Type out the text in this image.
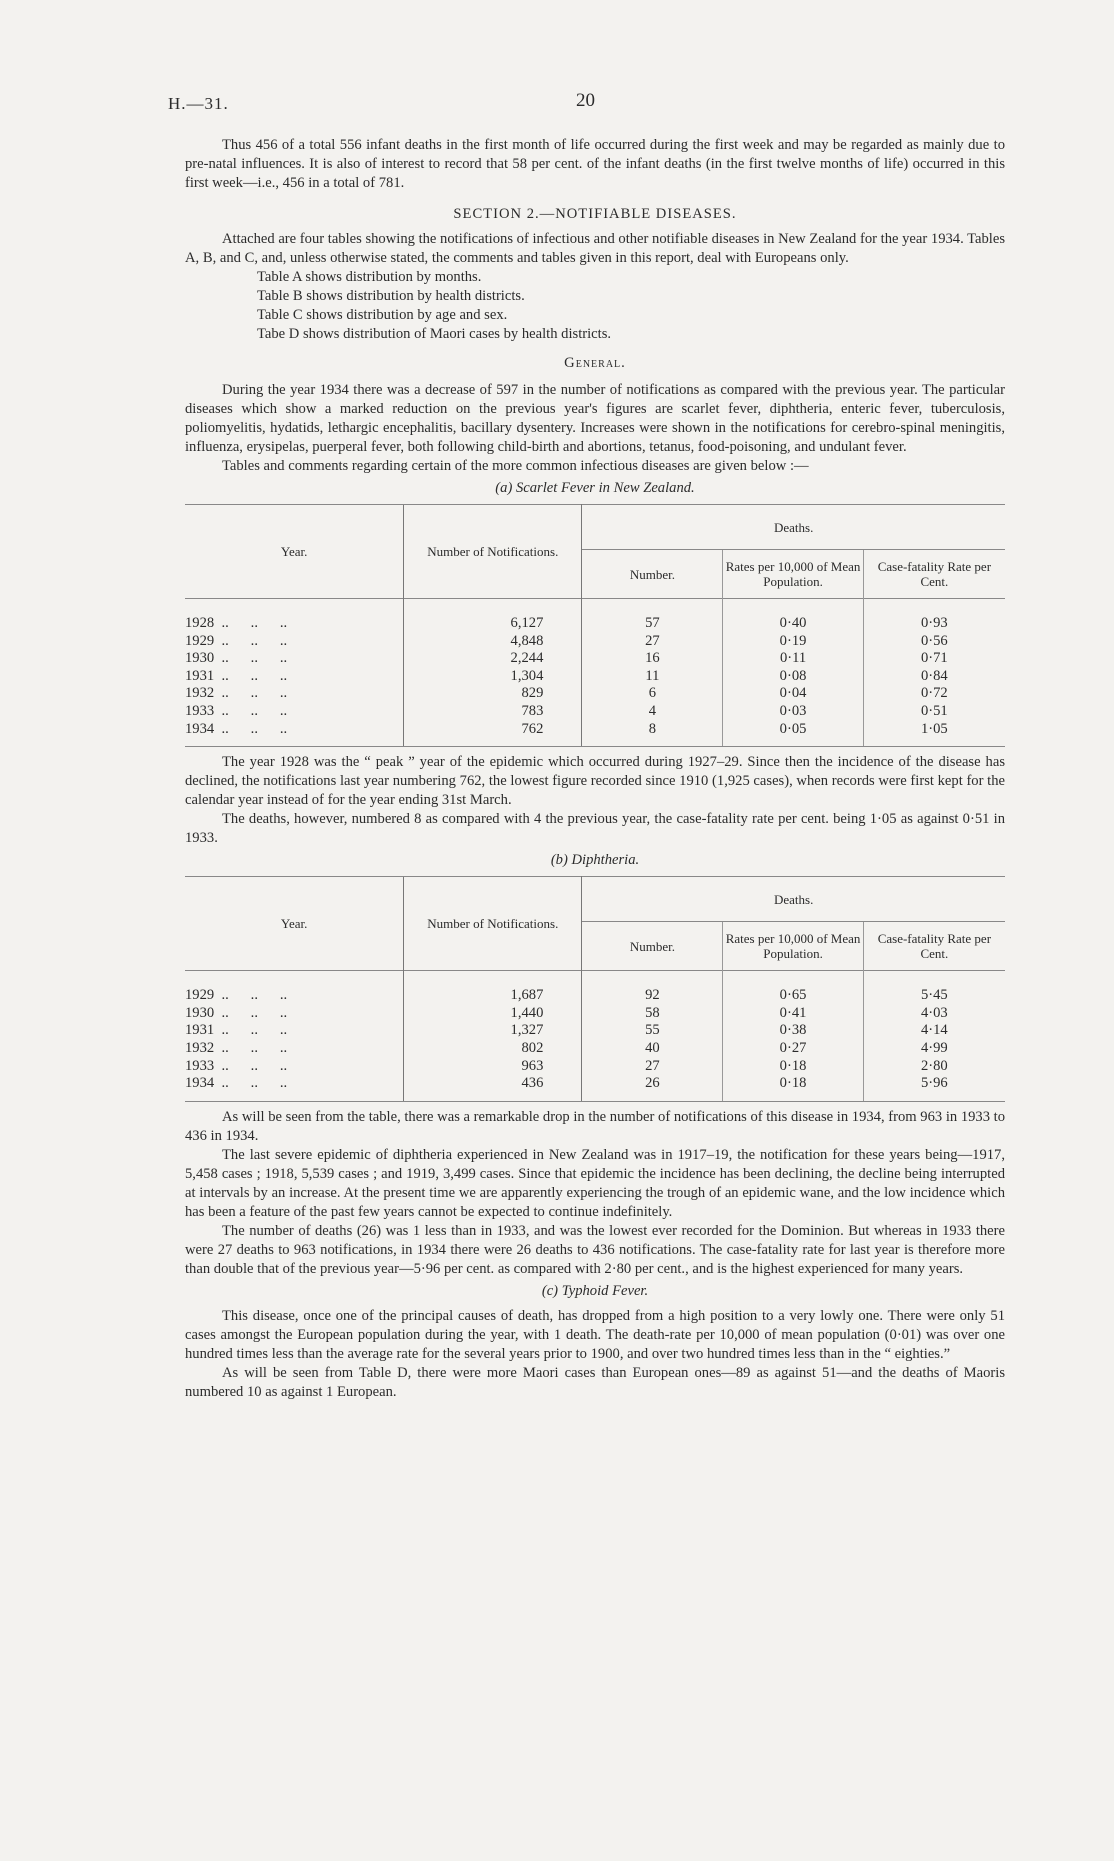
H.—31.	20

Thus 456 of a total 556 infant deaths in the first month of life occurred during the first week and may be regarded as mainly due to pre-natal influences. It is also of interest to record that 58 per cent. of the infant deaths (in the first twelve months of life) occurred in this first week—i.e., 456 in a total of 781.

SECTION 2.—NOTIFIABLE DISEASES.

Attached are four tables showing the notifications of infectious and other notifiable diseases in New Zealand for the year 1934. Tables A, B, and C, and, unless otherwise stated, the comments and tables given in this report, deal with Europeans only.

Table A shows distribution by months.

Table B shows distribution by health districts.

Table C shows distribution by age and sex.

Tabe D shows distribution of Maori cases by health districts.

General.

During the year 1934 there was a decrease of 597 in the number of notifications as compared with the previous year. The particular diseases which show a marked reduction on the previous year's figures are scarlet fever, diphtheria, enteric fever, tuberculosis, poliomyelitis, hydatids, lethargic encephalitis, bacillary dysentery. Increases were shown in the notifications for cerebro-spinal meningitis, influenza, erysipelas, puerperal fever, both following child-birth and abortions, tetanus, food-poisoning, and undulant fever.

Tables and comments regarding certain of the more common infectious diseases are given below :—

(a) Scarlet Fever in New Zealand.

Year.	Number of Notifications.	Deaths.		
		Number.	Rates per 10,000 of Mean Population.	Case-fatality Rate per Cent.

1928  ..      ..      ..	6,127	57	0·40	0·93
1929  ..      ..      ..	4,848	27	0·19	0·56
1930  ..      ..      ..	2,244	16	0·11	0·71
1931  ..      ..      ..	1,304	11	0·08	0·84
1932  ..      ..      ..	829	6	0·04	0·72
1933  ..      ..      ..	783	4	0·03	0·51
1934  ..      ..      ..	762	8	0·05	1·05

The year 1928 was the “ peak ” year of the epidemic which occurred during 1927–29. Since then the incidence of the disease has declined, the notifications last year numbering 762, the lowest figure recorded since 1910 (1,925 cases), when records were first kept for the calendar year instead of for the year ending 31st March.

The deaths, however, numbered 8 as compared with 4 the previous year, the case-fatality rate per cent. being 1·05 as against 0·51 in 1933.

(b) Diphtheria.

Year.	Number of Notifications.	Deaths.		
		Number.	Rates per 10,000 of Mean Population.	Case-fatality Rate per Cent.

1929  ..      ..      ..	1,687	92	0·65	5·45
1930  ..      ..      ..	1,440	58	0·41	4·03
1931  ..      ..      ..	1,327	55	0·38	4·14
1932  ..      ..      ..	802	40	0·27	4·99
1933  ..      ..      ..	963	27	0·18	2·80
1934  ..      ..      ..	436	26	0·18	5·96

As will be seen from the table, there was a remarkable drop in the number of notifications of this disease in 1934, from 963 in 1933 to 436 in 1934.

The last severe epidemic of diphtheria experienced in New Zealand was in 1917–19, the notification for these years being—1917, 5,458 cases ; 1918, 5,539 cases ; and 1919, 3,499 cases. Since that epidemic the incidence has been declining, the decline being interrupted at intervals by an increase. At the present time we are apparently experiencing the trough of an epidemic wane, and the low incidence which has been a feature of the past few years cannot be expected to continue indefinitely.

The number of deaths (26) was 1 less than in 1933, and was the lowest ever recorded for the Dominion. But whereas in 1933 there were 27 deaths to 963 notifications, in 1934 there were 26 deaths to 436 notifications. The case-fatality rate for last year is therefore more than double that of the previous year—5·96 per cent. as compared with 2·80 per cent., and is the highest experienced for many years.

(c) Typhoid Fever.

This disease, once one of the principal causes of death, has dropped from a high position to a very lowly one. There were only 51 cases amongst the European population during the year, with 1 death. The death-rate per 10,000 of mean population (0·01) was over one hundred times less than the average rate for the several years prior to 1900, and over two hundred times less than in the “ eighties.”

As will be seen from Table D, there were more Maori cases than European ones—89 as against 51—and the deaths of Maoris numbered 10 as against 1 European.
